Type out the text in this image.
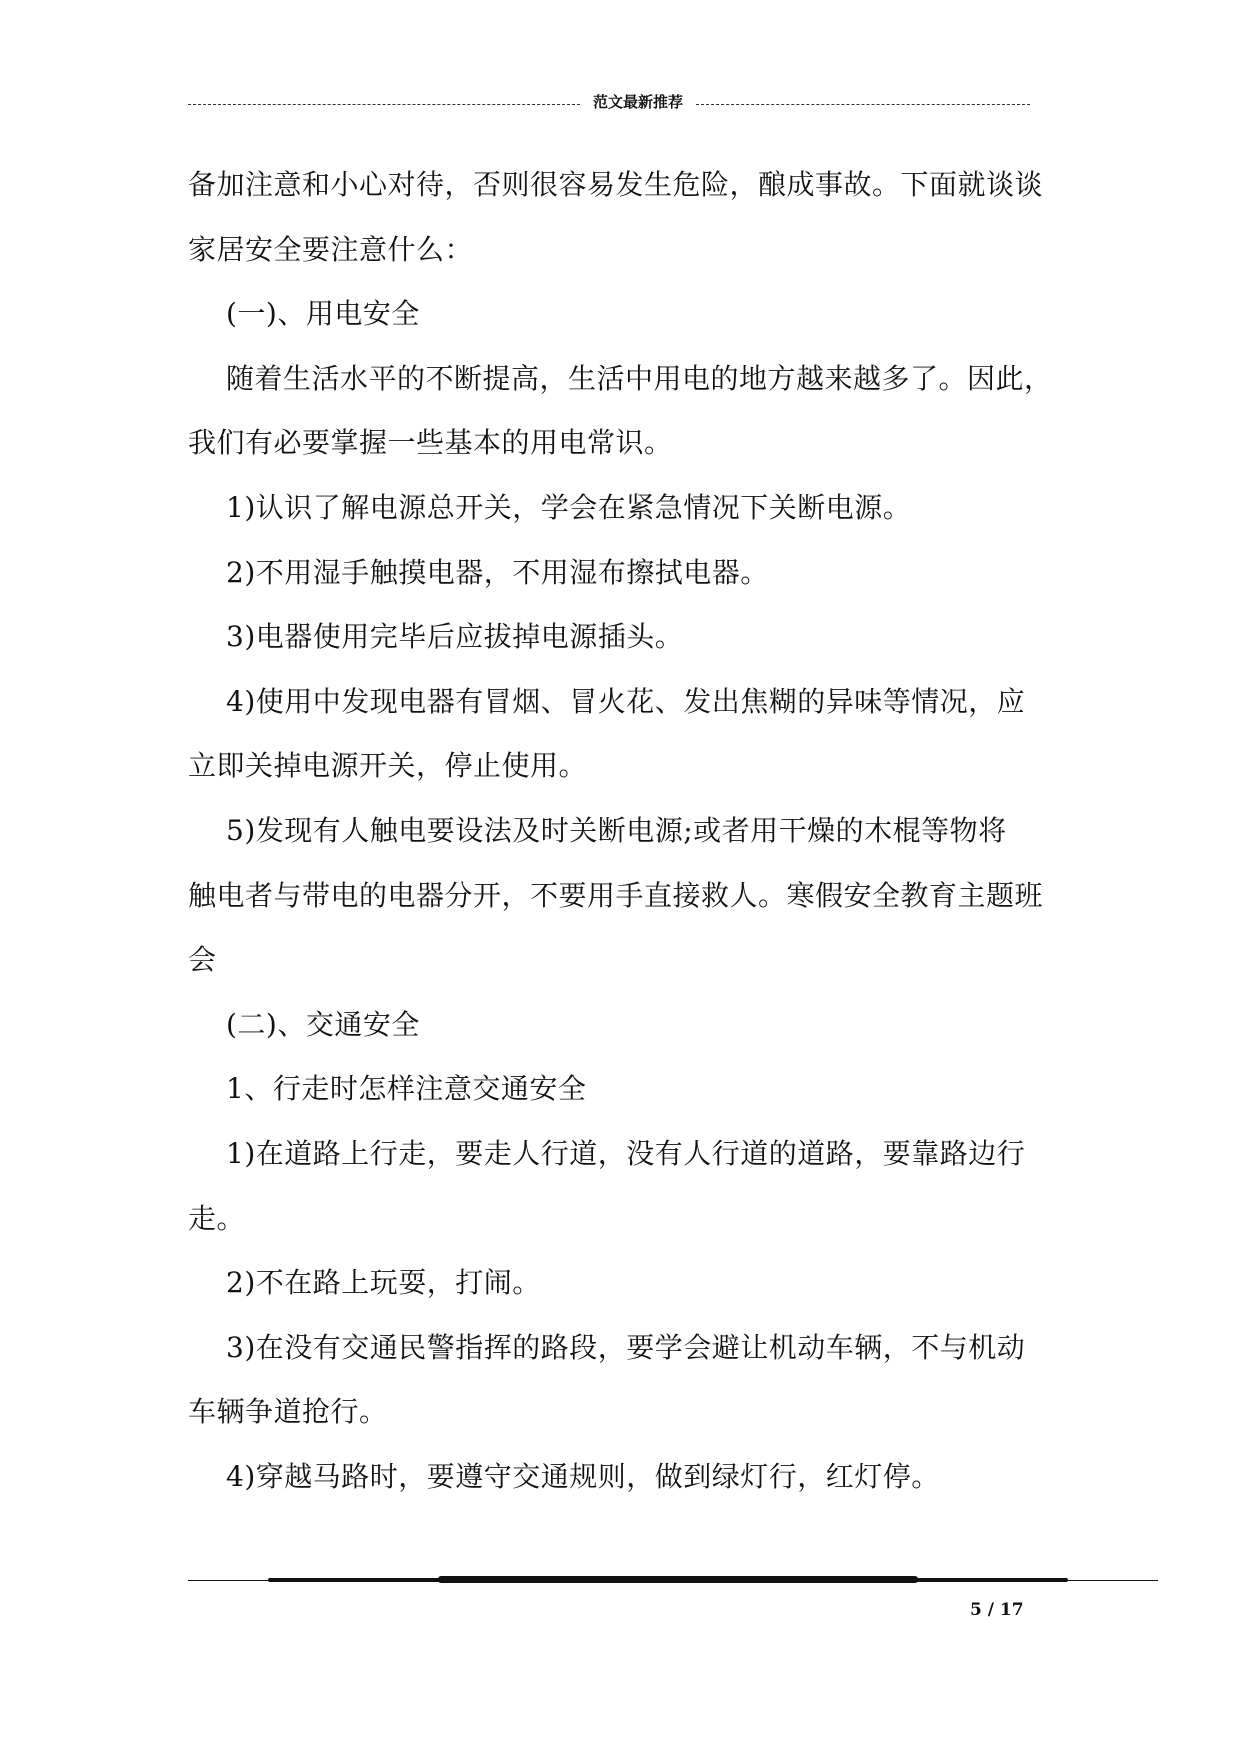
范文最新推荐

备加注意和小心对待，否则很容易发生危险，酿成事故。下面就谈谈

家居安全要注意什么：

(一)、用电安全

随着生活水平的不断提高，生活中用电的地方越来越多了。因此，

我们有必要掌握一些基本的用电常识。

1)认识了解电源总开关，学会在紧急情况下关断电源。

2)不用湿手触摸电器，不用湿布擦拭电器。

3)电器使用完毕后应拔掉电源插头。

4)使用中发现电器有冒烟、冒火花、发出焦糊的异味等情况，应

立即关掉电源开关，停止使用。

5)发现有人触电要设法及时关断电源;或者用干燥的木棍等物将

触电者与带电的电器分开，不要用手直接救人。寒假安全教育主题班

会

(二)、交通安全

1、行走时怎样注意交通安全

1)在道路上行走，要走人行道，没有人行道的道路，要靠路边行

走。

2)不在路上玩耍，打闹。

3)在没有交通民警指挥的路段，要学会避让机动车辆，不与机动

车辆争道抢行。

4)穿越马路时，要遵守交通规则，做到绿灯行，红灯停。

5 / 17
